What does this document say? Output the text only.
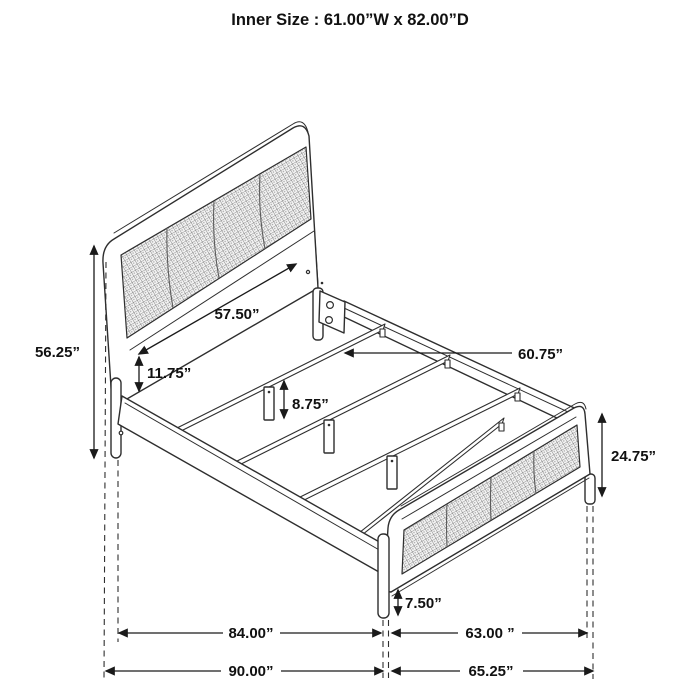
56.25”
57.50”
11.75”
60.75”
8.75”
24.75”
7.50”
84.00”	63.00 ”
90.00”	65.25”
Inner Size : 61.00”W x 82.00”D
